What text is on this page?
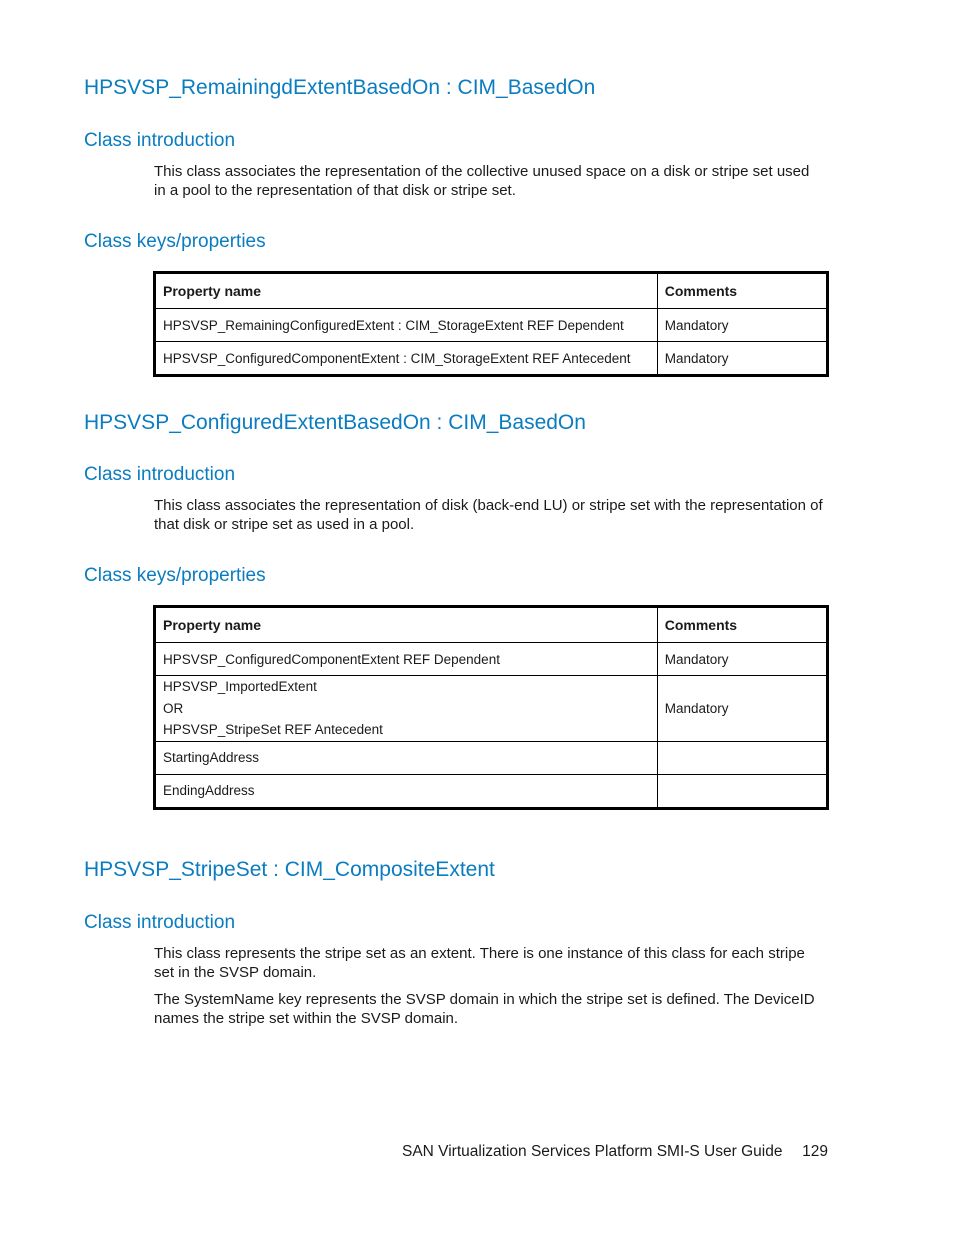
HPSVSP_RemainingdExtentBasedOn : CIM_BasedOn
Class introduction

This class associates the representation of the collective unused space on a disk or stripe set used in a pool to the representation of that disk or stripe set.

Class keys/properties
Property name	Comments
HPSVSP_RemainingConfiguredExtent : CIM_StorageExtent REF Dependent	Mandatory
HPSVSP_ConfiguredComponentExtent : CIM_StorageExtent REF Antecedent	Mandatory
HPSVSP_ConfiguredExtentBasedOn : CIM_BasedOn
Class introduction

This class associates the representation of disk (back-end LU) or stripe set with the representation of that disk or stripe set as used in a pool.

Class keys/properties
Property name	Comments
HPSVSP_ConfiguredComponentExtent REF Dependent	Mandatory

HPSVSP_ImportedExtent
OR
HPSVSP_StripeSet REF Antecedent	Mandatory
StartingAddress	
EndingAddress	
HPSVSP_StripeSet : CIM_CompositeExtent
Class introduction

This class represents the stripe set as an extent. There is one instance of this class for each stripe set in the SVSP domain.

The SystemName key represents the SVSP domain in which the stripe set is defined. The DeviceID names the stripe set within the SVSP domain.

SAN Virtualization Services Platform SMI-S User Guide 129
